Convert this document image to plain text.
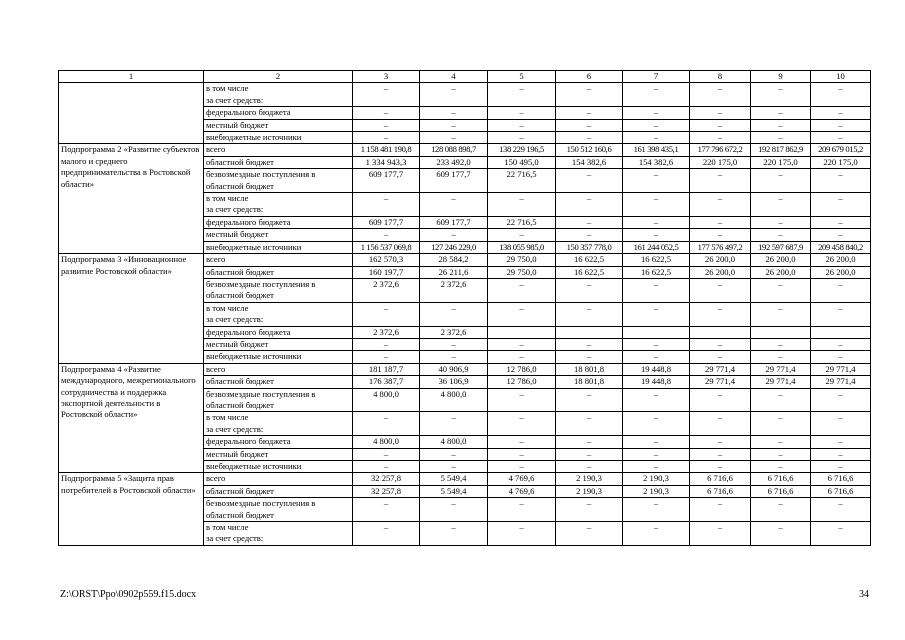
1	2	3	4	5	6	7	8	9	10
	в том числе
за счет средств:	–	–	–	–	–	–	–	–
	федерального бюджета	–	–	–	–	–	–	–	–
	местный бюджет	–	–	–	–	–	–	–	–
	внебюджетные источники	–	–	–	–	–	–	–	–
Подпрограмма 2 «Развитие субъектов малого и среднего предпринимательства в Ростовской области»	всего	1 158 481 190,8	128 088 898,7	138 229 196,5	150 512 160,6	161 398 435,1	177 796 672,2	192 817 862,9	209 679 015,2
	областной бюджет	1 334 943,3	233 492,0	150 495,0	154 382,6	154 382,6	220 175,0	220 175,0	220 175,0
	безвозмездные поступления в областной бюджет	609 177,7	609 177,7	22 716,5	–	–	–	–	–
	в том числе
за счет средств:	–	–	–	–	–	–	–	–
	федерального бюджета	609 177,7	609 177,7	22 716,5	–	–	–	–	–
	местный бюджет	–	–	–	–	–	–	–	–
	внебюджетные источники	1 156 537 069,8	127 246 229,0	138 055 985,0	150 357 778,0	161 244 052,5	177 576 497,2	192 597 687,9	209 458 840,2
Подпрограмма 3 «Инновационное развитие Ростовской области»	всего	162 570,3	28 584,2	29 750,0	16 622,5	16 622,5	26 200,0	26 200,0	26 200,0
	областной бюджет	160 197,7	26 211,6	29 750,0	16 622,5	16 622,5	26 200,0	26 200,0	26 200,0
	безвозмездные поступления в областной бюджет	2 372,6	2 372,6	–	–	–	–	–	–
	в том числе
за счет средств:	–	–	–	–	–	–	–	–
	федерального бюджета	2 372,6	2 372,6						
	местный бюджет	–	–	–	–	–	–	–	–
	внебюджетные источники	–	–	–	–	–	–	–	–
Подпрограмма 4 «Развитие международного, межрегионального сотрудничества и поддержка экспортной деятельности в Ростовской области»	всего	181 187,7	40 906,9	12 786,0	18 801,8	19 448,8	29 771,4	29 771,4	29 771,4
	областной бюджет	176 387,7	36 106,9	12 786,0	18 801,8	19 448,8	29 771,4	29 771,4	29 771,4
	безвозмездные поступления в областной бюджет	4 800,0	4 800,0	–	–	–	–	–	–
	в том числе
за счет средств:	–	–	–	–	–	–	–	–
	федерального бюджета	4 800,0	4 800,0	–	–	–	–	–	–
	местный бюджет	–	–	–	–	–	–	–	–
	внебюджетные источники	–	–	–	–	–	–	–	–
Подпрограмма 5 «Защита прав потребителей в Ростовской области»	всего	32 257,8	5 549,4	4 769,6	2 190,3	2 190,3	6 716,6	6 716,6	6 716,6
	областной бюджет	32 257,8	5 549,4	4 769,6	2 190,3	2 190,3	6 716,6	6 716,6	6 716,6
	безвозмездные поступления в областной бюджет	–	–	–	–	–	–	–	–
	в том числе
за счет средств:	–	–	–	–	–	–	–	–
Z:\ORST\Ppo\0902p559.f15.docx	34
